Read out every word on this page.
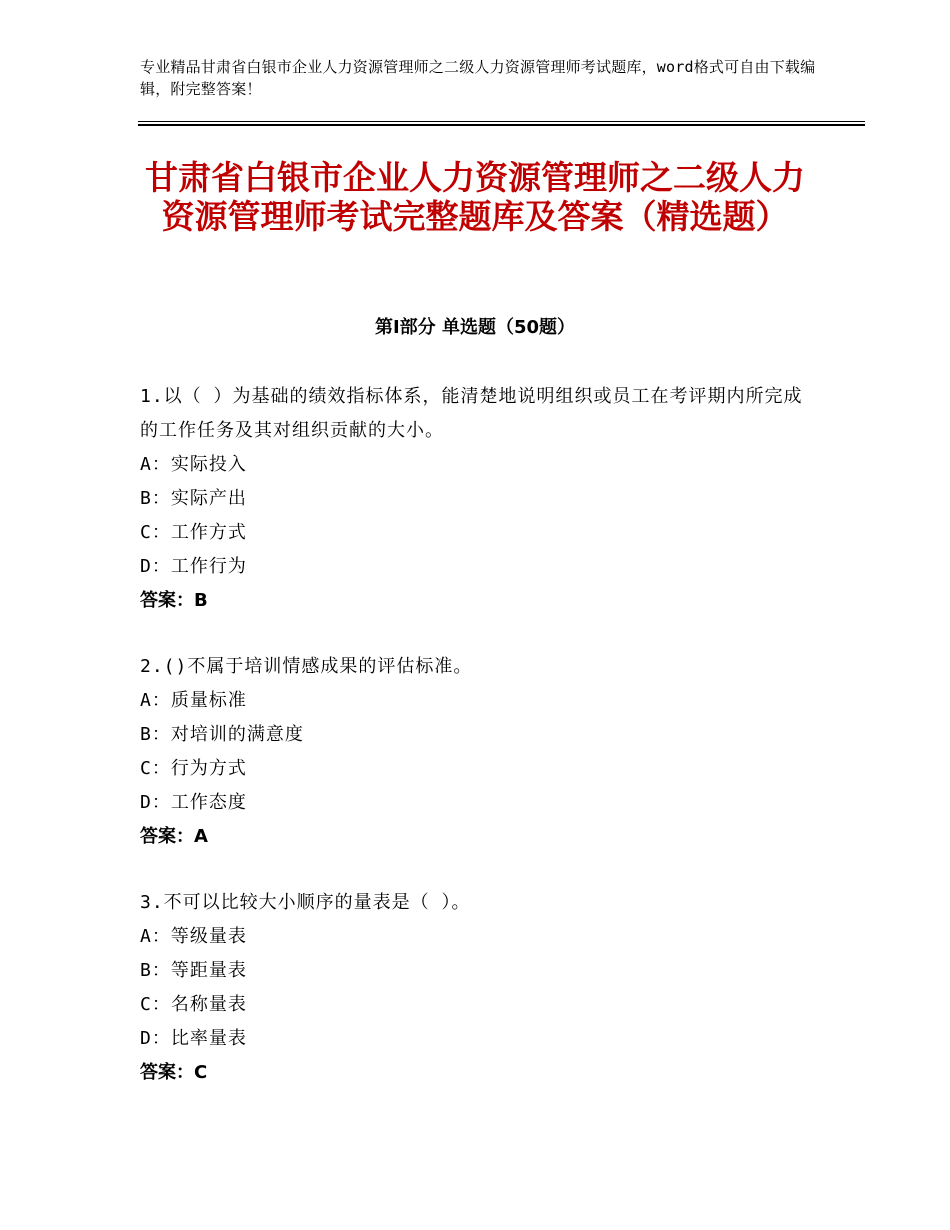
专业精品甘肃省白银市企业人力资源管理师之二级人力资源管理师考试题库，word格式可自由下载编辑，附完整答案！
甘肃省白银市企业人力资源管理师之二级人力资源管理师考试完整题库及答案（精选题）
第Ⅰ部分 单选题（50题）
1.以（ ）为基础的绩效指标体系，能清楚地说明组织或员工在考评期内所完成的工作任务及其对组织贡献的大小。
A：实际投入
B：实际产出
C：工作方式
D：工作行为
答案：B
2.()不属于培训情感成果的评估标准。
A：质量标准
B：对培训的满意度
C：行为方式
D：工作态度
答案：A
3.不可以比较大小顺序的量表是（ ）。
A：等级量表
B：等距量表
C：名称量表
D：比率量表
答案：C
